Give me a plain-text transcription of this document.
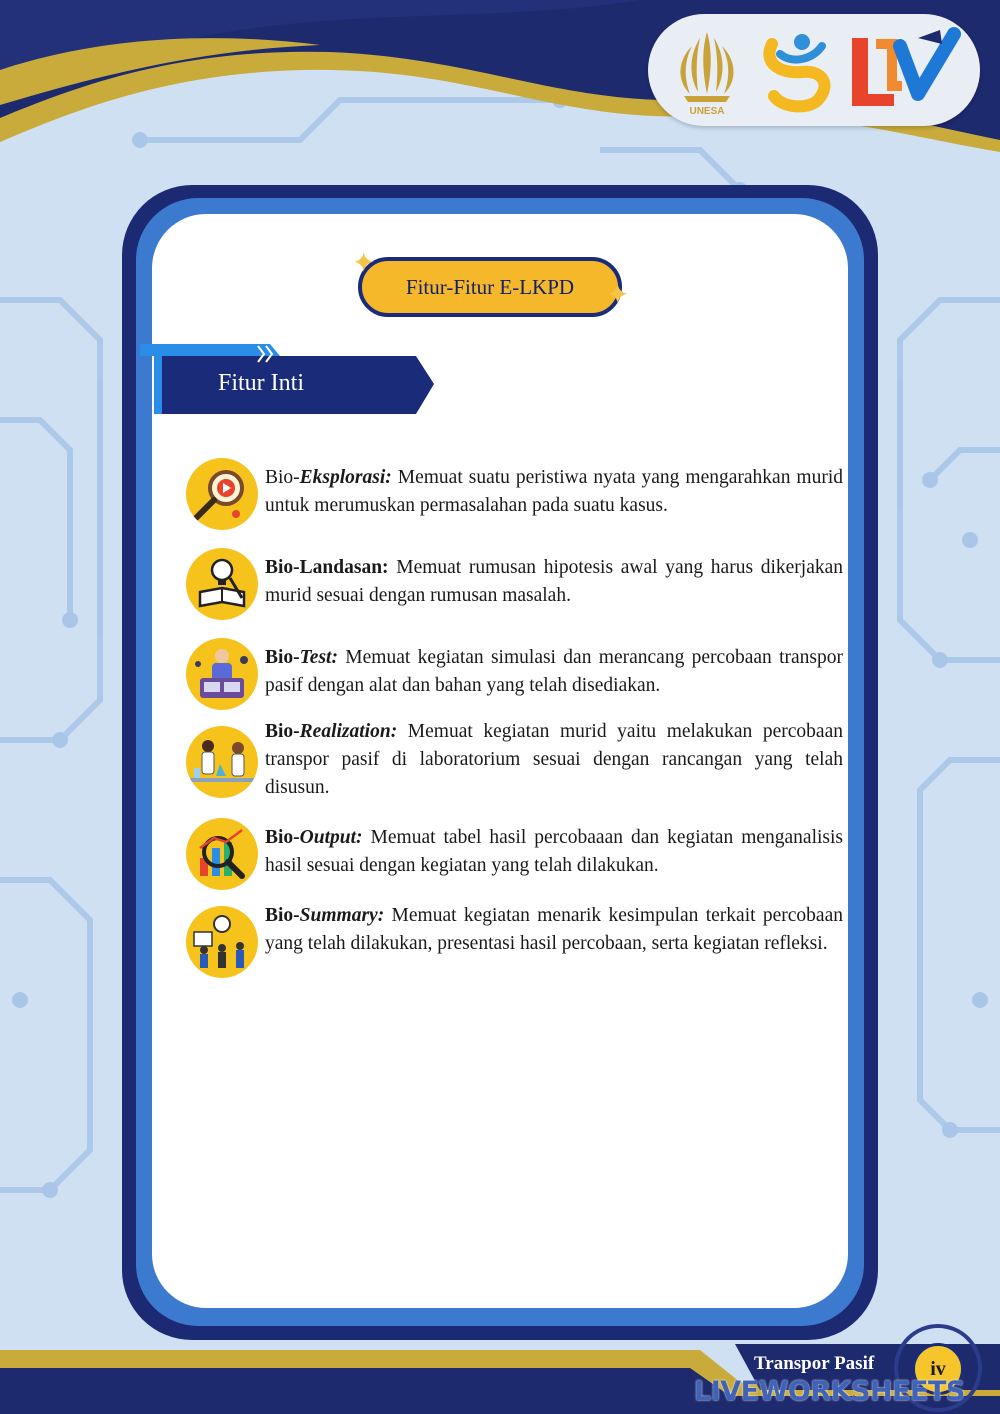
UNESA
Fitur-Fitur E-LKPD
✦
✦
Fitur Inti
Bio-Eksplorasi: Memuat suatu peristiwa nyata yang mengarahkan murid untuk merumuskan permasalahan pada suatu kasus.
Bio-Landasan: Memuat rumusan hipotesis awal yang harus dikerjakan murid sesuai dengan rumusan masalah.
Bio-Test: Memuat kegiatan simulasi dan merancang percobaan transpor pasif dengan alat dan bahan yang telah disediakan.
Bio-Realization: Memuat kegiatan murid yaitu melakukan percobaan transpor pasif di laboratorium sesuai dengan rancangan yang telah disusun.
Bio-Output: Memuat tabel hasil percobaaan dan kegiatan menganalisis hasil sesuai dengan kegiatan yang telah dilakukan.
Bio-Summary: Memuat kegiatan menarik kesimpulan terkait percobaan yang telah dilakukan, presentasi hasil percobaan, serta kegiatan refleksi.
Transpor Pasif	iv
LIVEWORKSHEETS
